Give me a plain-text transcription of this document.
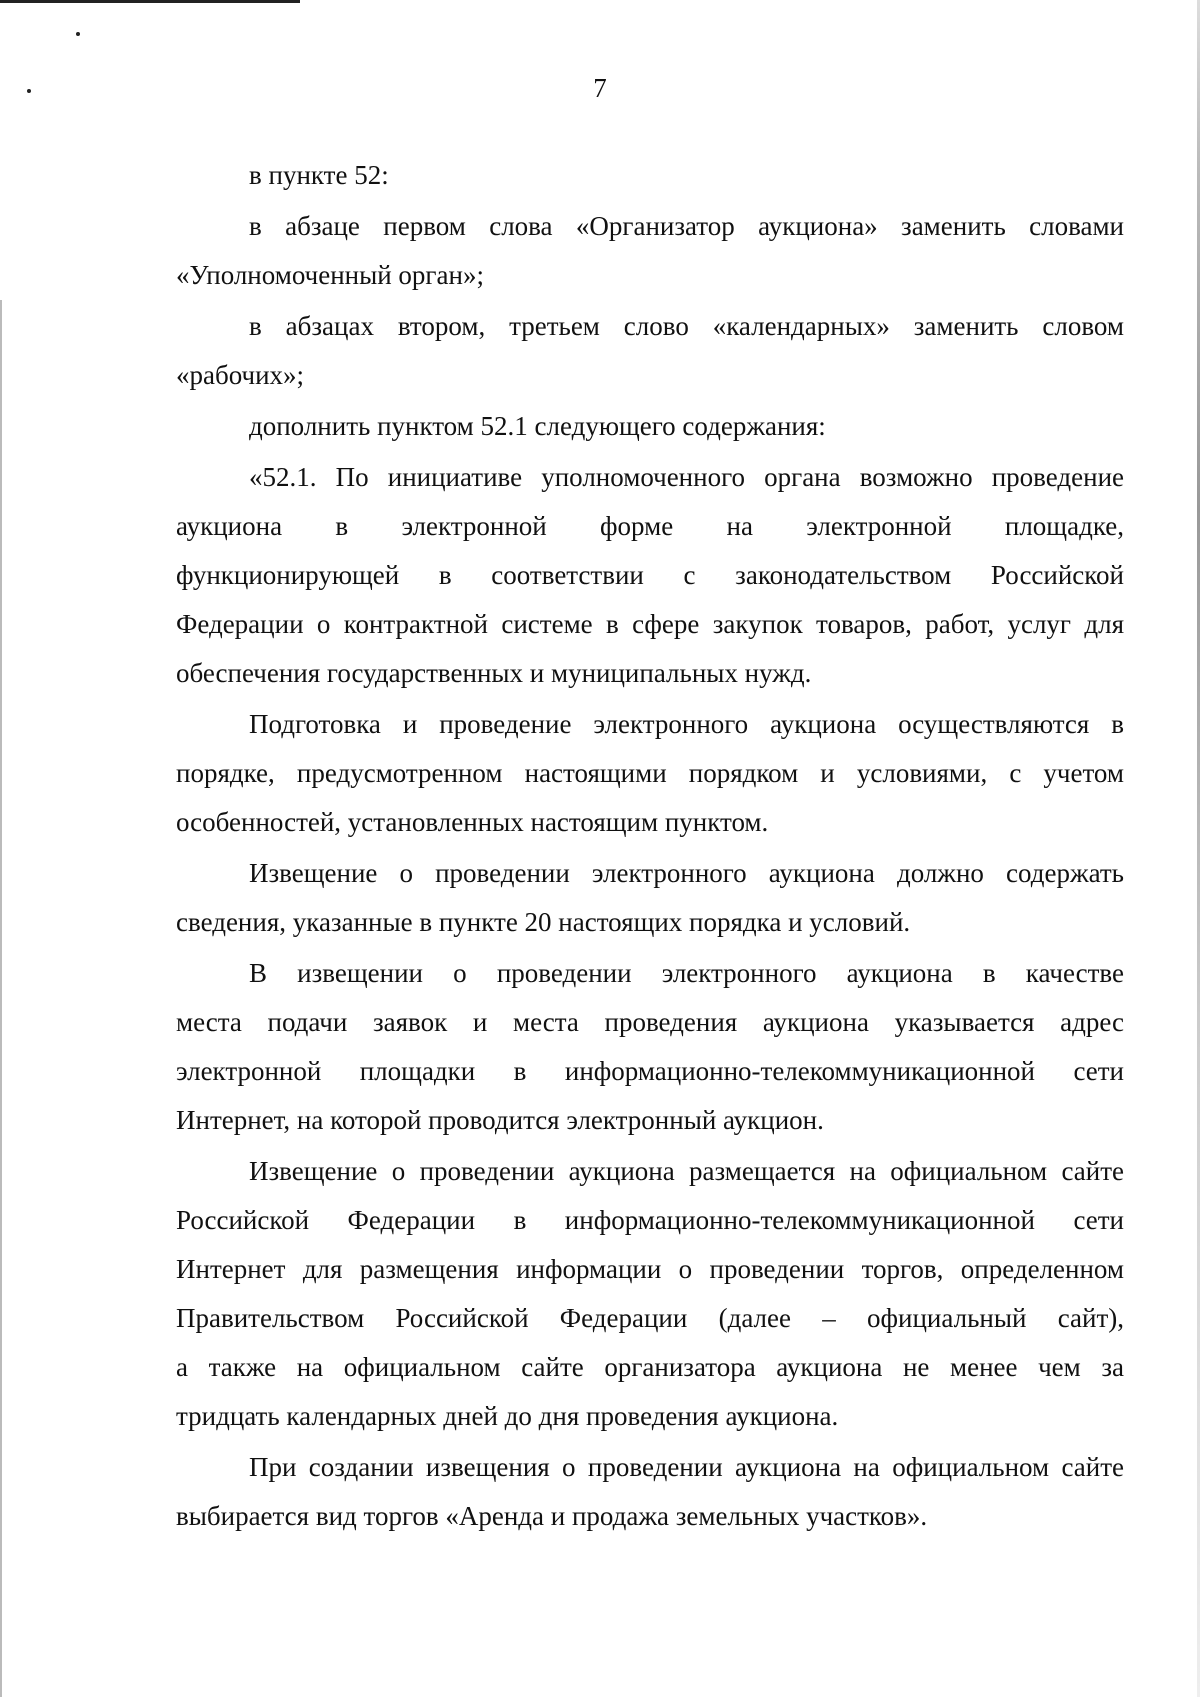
7
в пункте 52:
в абзаце первом слова «Организатор аукциона» заменить словами
«Уполномоченный орган»;
в абзацах втором, третьем слово «календарных» заменить словом
«рабочих»;
дополнить пунктом 52.1 следующего содержания:
«52.1. По инициативе уполномоченного органа возможно проведение
аукциона в электронной форме на электронной площадке,
функционирующей в соответствии с законодательством Российской
Федерации о контрактной системе в сфере закупок товаров, работ, услуг для
обеспечения государственных и муниципальных нужд.
Подготовка и проведение электронного аукциона осуществляются в
порядке, предусмотренном настоящими порядком и условиями, с учетом
особенностей, установленных настоящим пунктом.
Извещение о проведении электронного аукциона должно содержать
сведения, указанные в пункте 20 настоящих порядка и условий.
В извещении о проведении электронного аукциона в качестве
места подачи заявок и места проведения аукциона указывается адрес
электронной площадки в информационно-телекоммуникационной сети
Интернет, на которой проводится электронный аукцион.
Извещение о проведении аукциона размещается на официальном сайте
Российской Федерации в информационно-телекоммуникационной сети
Интернет для размещения информации о проведении торгов, определенном
Правительством Российской Федерации (далее – официальный сайт),
а также на официальном сайте организатора аукциона не менее чем за
тридцать календарных дней до дня проведения аукциона.
При создании извещения о проведении аукциона на официальном сайте
выбирается вид торгов «Аренда и продажа земельных участков».
